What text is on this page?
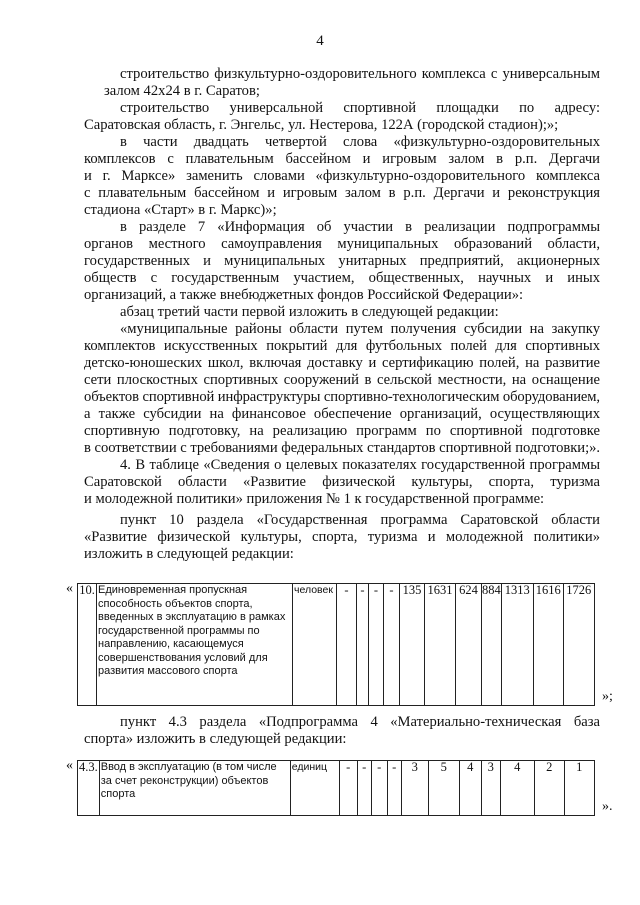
4
строительство физкультурно-оздоровительного комплекса с универсальным
залом 42х24 в г. Саратов;
строительство универсальной спортивной площадки по адресу:
Саратовская область, г. Энгельс, ул. Нестерова, 122А (городской стадион);»;
в части двадцать четвертой слова «физкультурно-оздоровительных
комплексов с плавательным бассейном и игровым залом в р.п. Дергачи
и г. Марксе» заменить словами «физкультурно-оздоровительного комплекса
с плавательным бассейном и игровым залом в р.п. Дергачи и реконструкция
стадиона «Старт» в г. Маркс)»;
в разделе 7 «Информация об участии в реализации подпрограммы
органов местного самоуправления муниципальных образований области,
государственных и муниципальных унитарных предприятий, акционерных
обществ с государственным участием, общественных, научных и иных
организаций, а также внебюджетных фондов Российской Федерации»:
абзац третий части первой изложить в следующей редакции:
«муниципальные районы области путем получения субсидии на закупку
комплектов искусственных покрытий для футбольных полей для спортивных
детско-юношеских школ, включая доставку и сертификацию полей, на развитие
сети плоскостных спортивных сооружений в сельской местности, на оснащение
объектов спортивной инфраструктуры спортивно-технологическим оборудованием,
а также субсидии на финансовое обеспечение организаций, осуществляющих
спортивную подготовку, на реализацию программ по спортивной подготовке
в соответствии с требованиями федеральных стандартов спортивной подготовки;».
4. В таблице «Сведения о целевых показателях государственной программы
Саратовской области «Развитие физической культуры, спорта, туризма
и молодежной политики» приложения № 1 к государственной программе:
пункт 10 раздела «Государственная программа Саратовской области
«Развитие физической культуры, спорта, туризма и молодежной политики»
изложить в следующей редакции:
« 10.	Единовременная пропускная способность объектов спорта, введенных в эксплуатацию в рамках государственной программы по направлению, касающемуся совершенствования условий для развития массового спорта	человек	-	-	-	-	135	1631	624	884	1313	1616	1726
»;
пункт 4.3 раздела «Подпрограмма 4 «Материально-техническая база
спорта» изложить в следующей редакции:
« 4.3.	Ввод в эксплуатацию (в том числе за счет реконструкции) объектов спорта	единиц	-	-	-	-	3	5	4	3	4	2	1
».
